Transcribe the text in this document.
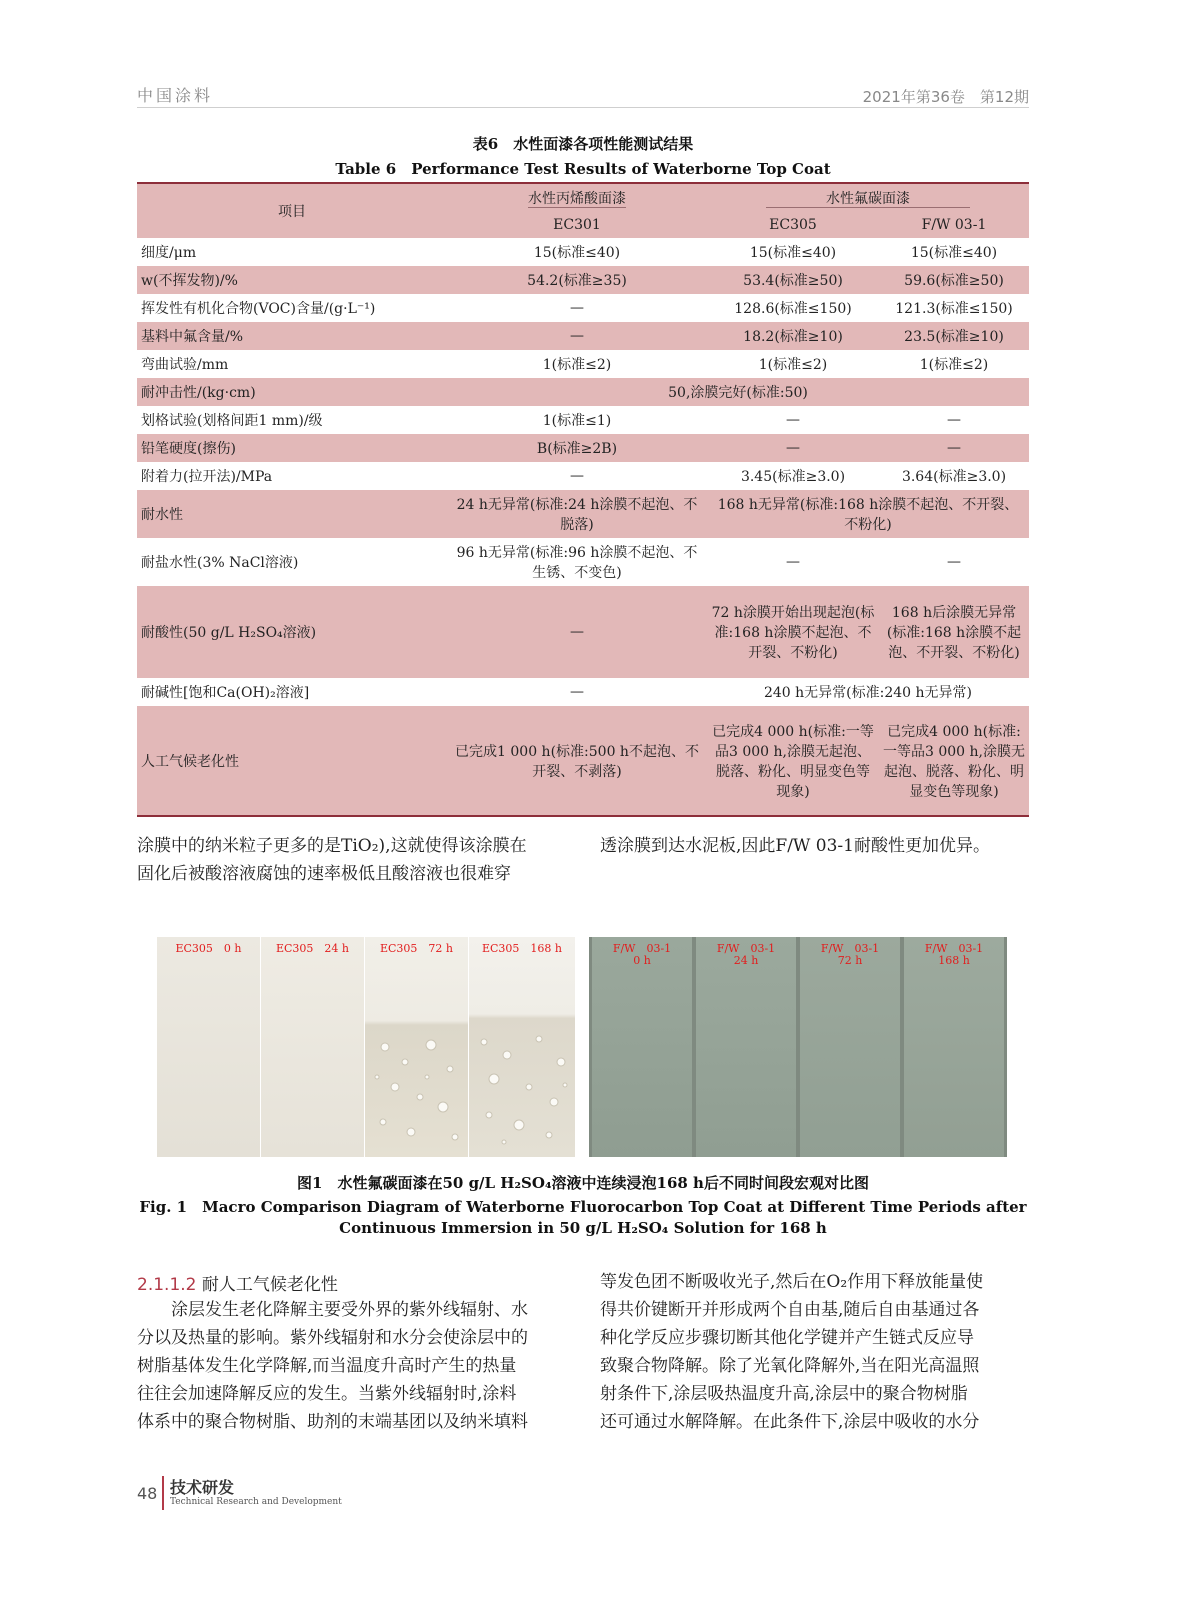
中国涂料	2021年第36卷　第12期
表6　水性面漆各项性能测试结果
Table 6　Performance Test Results of Waterborne Top Coat
项目	水性丙烯酸面漆	水性氟碳面漆	
	EC301	EC305	F/W 03-1
细度/μm	15(标准≤40)	15(标准≤40)	15(标准≤40)
w(不挥发物)/%	54.2(标准≥35)	53.4(标准≥50)	59.6(标准≥50)
挥发性有机化合物(VOC)含量/(g·L⁻¹)	—	128.6(标准≤150)	121.3(标准≤150)
基料中氟含量/%	—	18.2(标准≥10)	23.5(标准≥10)
弯曲试验/mm	1(标准≤2)	1(标准≤2)	1(标准≤2)
耐冲击性/(kg·cm)	50,涂膜完好(标准:50)		
划格试验(划格间距1 mm)/级	1(标准≤1)	—	—
铅笔硬度(擦伤)	B(标准≥2B)	—	—
附着力(拉开法)/MPa	—	3.45(标准≥3.0)	3.64(标准≥3.0)
耐水性	24 h无异常(标准:24 h涂膜不起泡、不脱落)	168 h无异常(标准:168 h涂膜不起泡、不开裂、不粉化)	
耐盐水性(3% NaCl溶液)	96 h无异常(标准:96 h涂膜不起泡、不生锈、不变色)	—	—
耐酸性(50 g/L H₂SO₄溶液)	—	72 h涂膜开始出现起泡(标准:168 h涂膜不起泡、不开裂、不粉化)	168 h后涂膜无异常(标准:168 h涂膜不起泡、不开裂、不粉化)
耐碱性[饱和Ca(OH)₂溶液]	—	240 h无异常(标准:240 h无异常)	
人工气候老化性	已完成1 000 h(标准:500 h不起泡、不开裂、不剥落)	已完成4 000 h(标准:一等品3 000 h,涂膜无起泡、脱落、粉化、明显变色等现象)	已完成4 000 h(标准:一等品3 000 h,涂膜无起泡、脱落、粉化、明显变色等现象)
涂膜中的纳米粒子更多的是TiO₂),这就使得该涂膜在
固化后被酸溶液腐蚀的速率极低且酸溶液也很难穿
透涂膜到达水泥板,因此F/W 03-1耐酸性更加优异。
EC305　0 h	EC305　24 h	EC305　72 h	EC305　168 h	F/W　03-1
0 h
F/W　03-1
24 h
F/W　03-1
72 h
F/W　03-1
168 h
图1　水性氟碳面漆在50 g/L H₂SO₄溶液中连续浸泡168 h后不同时间段宏观对比图
Fig. 1　Macro Comparison Diagram of Waterborne Fluorocarbon Top Coat at Different Time Periods after
Continuous Immersion in 50 g/L H₂SO₄ Solution for 168 h
2.1.1.2 耐人工气候老化性
　　涂层发生老化降解主要受外界的紫外线辐射、水
分以及热量的影响。紫外线辐射和水分会使涂层中的
树脂基体发生化学降解,而当温度升高时产生的热量
往往会加速降解反应的发生。当紫外线辐射时,涂料
体系中的聚合物树脂、助剂的末端基团以及纳米填料
等发色团不断吸收光子,然后在O₂作用下释放能量使
得共价键断开并形成两个自由基,随后自由基通过各
种化学反应步骤切断其他化学键并产生链式反应导
致聚合物降解。除了光氧化降解外,当在阳光高温照
射条件下,涂层吸热温度升高,涂层中的聚合物树脂
还可通过水解降解。在此条件下,涂层中吸收的水分
48 技术研发
Technical Research and Development
